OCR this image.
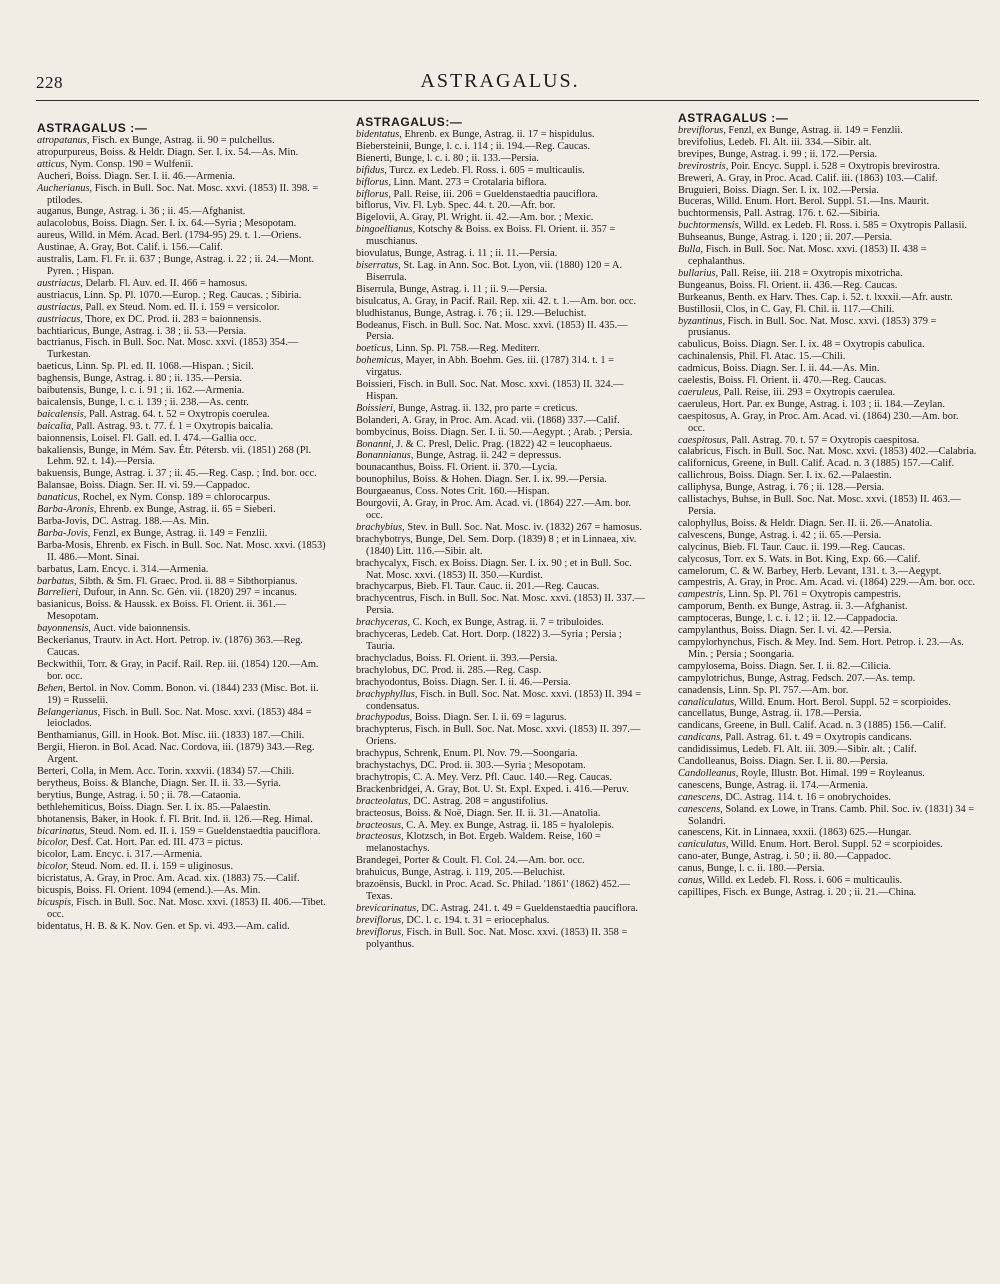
228	ASTRAGALUS.
ASTRAGALUS :—

atropatanus, Fisch. ex Bunge, Astrag. ii. 90 = pulchellus.

atropurpureus, Boiss. & Heldr. Diagn. Ser. I. ix. 54.—As. Min.

atticus, Nym. Consp. 190 = Wulfenii.

Aucheri, Boiss. Diagn. Ser. I. ii. 46.—Armenia.

Aucherianus, Fisch. in Bull. Soc. Nat. Mosc. xxvi. (1853) II. 398. = ptilodes.

auganus, Bunge, Astrag. i. 36 ; ii. 45.—Afghanist.

aulacolobus, Boiss. Diagn. Ser. I. ix. 64.—Syria ; Mesopotam.

aureus, Willd. in Mém. Acad. Berl. (1794-95) 29. t. 1.—Oriens.

Austinae, A. Gray, Bot. Calif. i. 156.—Calif.

australis, Lam. Fl. Fr. ii. 637 ; Bunge, Astrag. i. 22 ; ii. 24.—Mont. Pyren. ; Hispan.

austriacus, Delarb. Fl. Auv. ed. II. 466 = hamosus.

austriacus, Linn. Sp. Pl. 1070.—Europ. ; Reg. Caucas. ; Sibiria.

austriacus, Pall. ex Steud. Nom. ed. II. i. 159 = versicolor.

austriacus, Thore, ex DC. Prod. ii. 283 = baionnensis.

bachtiaricus, Bunge, Astrag. i. 38 ; ii. 53.—Persia.

bactrianus, Fisch. in Bull. Soc. Nat. Mosc. xxvi. (1853) 354.—Turkestan.

baeticus, Linn. Sp. Pl. ed. II. 1068.—Hispan. ; Sicil.

baghensis, Bunge, Astrag. i. 80 ; ii. 135.—Persia.

baibutensis, Bunge, l. c. i. 91 ; ii. 162.—Armenia.

baicalensis, Bunge, l. c. i. 139 ; ii. 238.—As. centr.

baicalensis, Pall. Astrag. 64. t. 52 = Oxytropis coerulea.

baicalia, Pall. Astrag. 93. t. 77. f. 1 = Oxytropis baicalia.

baionnensis, Loisel. Fl. Gall. ed. I. 474.—Gallia occ.

bakaliensis, Bunge, in Mém. Sav. Étr. Pétersb. vii. (1851) 268 (Pl. Lehm. 92. t. 14).—Persia.

bakuensis, Bunge, Astrag. i. 37 ; ii. 45.—Reg. Casp. ; Ind. bor. occ.

Balansae, Boiss. Diagn. Ser. II. vi. 59.—Cappadoc.

banaticus, Rochel, ex Nym. Consp. 189 = chlorocarpus.

Barba-Aronis, Ehrenb. ex Bunge, Astrag. ii. 65 = Sieberi.

Barba-Jovis, DC. Astrag. 188.—As. Min.

Barba-Jovis, Fenzl, ex Bunge, Astrag. ii. 149 = Fenzlii.

Barba-Mosis, Ehrenb. ex Fisch. in Bull. Soc. Nat. Mosc. xxvi. (1853) II. 486.—Mont. Sinai.

barbatus, Lam. Encyc. i. 314.—Armenia.

barbatus, Sibth. & Sm. Fl. Graec. Prod. ii. 88 = Sibthorpianus.

Barrelieri, Dufour, in Ann. Sc. Gén. vii. (1820) 297 = incanus.

basianicus, Boiss. & Haussk. ex Boiss. Fl. Orient. ii. 361.—Mesopotam.

bayonnensis, Auct. vide baionnensis.

Beckerianus, Trautv. in Act. Hort. Petrop. iv. (1876) 363.—Reg. Caucas.

Beckwithii, Torr. & Gray, in Pacif. Rail. Rep. iii. (1854) 120.—Am. bor. occ.

Behen, Bertol. in Nov. Comm. Bonon. vi. (1844) 233 (Misc. Bot. ii. 19) = Russelii.

Belangerianus, Fisch. in Bull. Soc. Nat. Mosc. xxvi. (1853) 484 = leioclados.

Benthamianus, Gill. in Hook. Bot. Misc. iii. (1833) 187.—Chili.

Bergii, Hieron. in Bol. Acad. Nac. Cordova, iii. (1879) 343.—Reg. Argent.

Berteri, Colla, in Mem. Acc. Torin. xxxvii. (1834) 57.—Chili.

berytheus, Boiss. & Blanche, Diagn. Ser. II. ii. 33.—Syria.

berytius, Bunge, Astrag. i. 50 ; ii. 78.—Cataonia.

bethlehemiticus, Boiss. Diagn. Ser. I. ix. 85.—Palaestin.

bhotanensis, Baker, in Hook. f. Fl. Brit. Ind. ii. 126.—Reg. Himal.

bicarinatus, Steud. Nom. ed. II. i. 159 = Gueldenstaedtia pauciflora.

bicolor, Desf. Cat. Hort. Par. ed. III. 473 = pictus.

bicolor, Lam. Encyc. i. 317.—Armenia.

bicolor, Steud. Nom. ed. II. i. 159 = uliginosus.

bicristatus, A. Gray, in Proc. Am. Acad. xix. (1883) 75.—Calif.

bicuspis, Boiss. Fl. Orient. 1094 (emend.).—As. Min.

bicuspis, Fisch. in Bull. Soc. Nat. Mosc. xxvi. (1853) II. 406.—Tibet. occ.

bidentatus, H. B. & K. Nov. Gen. et Sp. vi. 493.—Am. calid.

ASTRAGALUS:—

bidentatus, Ehrenb. ex Bunge, Astrag. ii. 17 = hispidulus.

Biebersteinii, Bunge, l. c. i. 114 ; ii. 194.—Reg. Caucas.

Bienerti, Bunge, l. c. i. 80 ; ii. 133.—Persia.

bifidus, Turcz. ex Ledeb. Fl. Ross. i. 605 = multicaulis.

biflorus, Linn. Mant. 273 = Crotalaria biflora.

biflorus, Pall. Reise, iii. 206 = Gueldenstaedtia pauciflora.

biflorus, Viv. Fl. Lyb. Spec. 44. t. 20.—Afr. bor.

Bigelovii, A. Gray, Pl. Wright. ii. 42.—Am. bor. ; Mexic.

bingoellianus, Kotschy & Boiss. ex Boiss. Fl. Orient. ii. 357 = muschianus.

biovulatus, Bunge, Astrag. i. 11 ; ii. 11.—Persia.

biserratus, St. Lag. in Ann. Soc. Bot. Lyon, vii. (1880) 120 = A. Biserrula.

Biserrula, Bunge, Astrag. i. 11 ; ii. 9.—Persia.

bisulcatus, A. Gray, in Pacif. Rail. Rep. xii. 42. t. 1.—Am. bor. occ.

bludhistanus, Bunge, Astrag. i. 76 ; ii. 129.—Beluchist.

Bodeanus, Fisch. in Bull. Soc. Nat. Mosc. xxvi. (1853) II. 435.—Persia.

boeticus, Linn. Sp. Pl. 758.—Reg. Mediterr.

bohemicus, Mayer, in Abh. Boehm. Ges. iii. (1787) 314. t. 1 = virgatus.

Boissieri, Fisch. in Bull. Soc. Nat. Mosc. xxvi. (1853) II. 324.—Hispan.

Boissieri, Bunge, Astrag. ii. 132, pro parte = creticus.

Bolanderi, A. Gray, in Proc. Am. Acad. vii. (1868) 337.—Calif.

bombycinus, Boiss. Diagn. Ser. I. ii. 50.—Aegypt. ; Arab. ; Persia.

Bonanni, J. & C. Presl, Delic. Prag. (1822) 42 = leucophaeus.

Bonannianus, Bunge, Astrag. ii. 242 = depressus.

bounacanthus, Boiss. Fl. Orient. ii. 370.—Lycia.

bounophilus, Boiss. & Hohen. Diagn. Ser. I. ix. 99.—Persia.

Bourgaeanus, Coss. Notes Crit. 160.—Hispan.

Bourgovii, A. Gray, in Proc. Am. Acad. vi. (1864) 227.—Am. bor. occ.

brachybius, Stev. in Bull. Soc. Nat. Mosc. iv. (1832) 267 = hamosus.

brachybotrys, Bunge, Del. Sem. Dorp. (1839) 8 ; et in Linnaea, xiv. (1840) Litt. 116.—Sibir. alt.

brachycalyx, Fisch. ex Boiss. Diagn. Ser. I. ix. 90 ; et in Bull. Soc. Nat. Mosc. xxvi. (1853) II. 350.—Kurdist.

brachycarpus, Bieb. Fl. Taur. Cauc. ii. 201.—Reg. Caucas.

brachycentrus, Fisch. in Bull. Soc. Nat. Mosc. xxvi. (1853) II. 337.—Persia.

brachyceras, C. Koch, ex Bunge, Astrag. ii. 7 = tribuloides.

brachyceras, Ledeb. Cat. Hort. Dorp. (1822) 3.—Syria ; Persia ; Tauria.

brachycladus, Boiss. Fl. Orient. ii. 393.—Persia.

brachylobus, DC. Prod. ii. 285.—Reg. Casp.

brachyodontus, Boiss. Diagn. Ser. I. ii. 46.—Persia.

brachyphyllus, Fisch. in Bull. Soc. Nat. Mosc. xxvi. (1853) II. 394 = condensatus.

brachypodus, Boiss. Diagn. Ser. I. ii. 69 = lagurus.

brachypterus, Fisch. in Bull. Soc. Nat. Mosc. xxvi. (1853) II. 397.—Oriens.

brachypus, Schrenk, Enum. Pl. Nov. 79.—Soongaria.

brachystachys, DC. Prod. ii. 303.—Syria ; Mesopotam.

brachytropis, C. A. Mey. Verz. Pfl. Cauc. 140.—Reg. Caucas.

Brackenbridgei, A. Gray, Bot. U. St. Expl. Exped. i. 416.—Peruv.

bracteolatus, DC. Astrag. 208 = angustifolius.

bracteosus, Boiss. & Noë, Diagn. Ser. II. ii. 31.—Anatolia.

bracteosus, C. A. Mey. ex Bunge, Astrag. ii. 185 = hyalolepis.

bracteosus, Klotzsch, in Bot. Ergeb. Waldem. Reise, 160 = melanostachys.

Brandegei, Porter & Coult. Fl. Col. 24.—Am. bor. occ.

brahuicus, Bunge, Astrag. i. 119, 205.—Beluchist.

brazoënsis, Buckl. in Proc. Acad. Sc. Philad. '1861' (1862) 452.—Texas.

brevicarinatus, DC. Astrag. 241. t. 49 = Gueldenstaedtia pauciflora.

breviflorus, DC. l. c. 194. t. 31 = eriocephalus.

breviflorus, Fisch. in Bull. Soc. Nat. Mosc. xxvi. (1853) II. 358 = polyanthus.

ASTRAGALUS :—

breviflorus, Fenzl, ex Bunge, Astrag. ii. 149 = Fenzlii.

brevifolius, Ledeb. Fl. Alt. iii. 334.—Sibir. alt.

brevipes, Bunge, Astrag. i. 99 ; ii. 172.—Persia.

brevirostris, Poir. Encyc. Suppl. i. 528 = Oxytropis brevirostra.

Breweri, A. Gray, in Proc. Acad. Calif. iii. (1863) 103.—Calif.

Bruguieri, Boiss. Diagn. Ser. I. ix. 102.—Persia.

Buceras, Willd. Enum. Hort. Berol. Suppl. 51.—Ins. Maurit.

buchtormensis, Pall. Astrag. 176. t. 62.—Sibiria.

buchtormensis, Willd. ex Ledeb. Fl. Ross. i. 585 = Oxytropis Pallasii.

Buhseanus, Bunge, Astrag. i. 120 ; ii. 207.—Persia.

Bulla, Fisch. in Bull. Soc. Nat. Mosc. xxvi. (1853) II. 438 = cephalanthus.

bullarius, Pall. Reise, iii. 218 = Oxytropis mixotricha.

Bungeanus, Boiss. Fl. Orient. ii. 436.—Reg. Caucas.

Burkeanus, Benth. ex Harv. Thes. Cap. i. 52. t. lxxxii.—Afr. austr.

Bustillosii, Clos, in C. Gay, Fl. Chil. ii. 117.—Chili.

byzantinus, Fisch. in Bull. Soc. Nat. Mosc. xxvi. (1853) 379 = prusianus.

cabulicus, Boiss. Diagn. Ser. I. ix. 48 = Oxytropis cabulica.

cachinalensis, Phil. Fl. Atac. 15.—Chili.

cadmicus, Boiss. Diagn. Ser. I. ii. 44.—As. Min.

caelestis, Boiss. Fl. Orient. ii. 470.—Reg. Caucas.

caeruleus, Pall. Reise, iii. 293 = Oxytropis caerulea.

caeruleus, Hort. Par. ex Bunge, Astrag. i. 103 ; ii. 184.—Zeylan.

caespitosus, A. Gray, in Proc. Am. Acad. vi. (1864) 230.—Am. bor. occ.

caespitosus, Pall. Astrag. 70. t. 57 = Oxytropis caespitosa.

calabricus, Fisch. in Bull. Soc. Nat. Mosc. xxvi. (1853) 402.—Calabria.

californicus, Greene, in Bull. Calif. Acad. n. 3 (1885) 157.—Calif.

callichrous, Boiss. Diagn. Ser. I. ix. 62.—Palaestin.

calliphysa, Bunge, Astrag. i. 76 ; ii. 128.—Persia.

callistachys, Buhse, in Bull. Soc. Nat. Mosc. xxvi. (1853) II. 463.—Persia.

calophyllus, Boiss. & Heldr. Diagn. Ser. II. ii. 26.—Anatolia.

calvescens, Bunge, Astrag. i. 42 ; ii. 65.—Persia.

calycinus, Bieb. Fl. Taur. Cauc. ii. 199.—Reg. Caucas.

calycosus, Torr. ex S. Wats. in Bot. King, Exp. 66.—Calif.

camelorum, C. & W. Barbey, Herb. Levant, 131. t. 3.—Aegypt.

campestris, A. Gray, in Proc. Am. Acad. vi. (1864) 229.—Am. bor. occ.

campestris, Linn. Sp. Pl. 761 = Oxytropis campestris.

camporum, Benth. ex Bunge, Astrag. ii. 3.—Afghanist.

camptoceras, Bunge, l. c. i. 12 ; ii. 12.—Cappadocia.

campylanthus, Boiss. Diagn. Ser. I. vi. 42.—Persia.

campylorhynchus, Fisch. & Mey. Ind. Sem. Hort. Petrop. i. 23.—As. Min. ; Persia ; Soongaria.

campylosema, Boiss. Diagn. Ser. I. ii. 82.—Cilicia.

campylotrichus, Bunge, Astrag. Fedsch. 207.—As. temp.

canadensis, Linn. Sp. Pl. 757.—Am. bor.

canaliculatus, Willd. Enum. Hort. Berol. Suppl. 52 = scorpioides.

cancellatus, Bunge, Astrag. ii. 178.—Persia.

candicans, Greene, in Bull. Calif. Acad. n. 3 (1885) 156.—Calif.

candicans, Pall. Astrag. 61. t. 49 = Oxytropis candicans.

candidissimus, Ledeb. Fl. Alt. iii. 309.—Sibir. alt. ; Calif.

Candolleanus, Boiss. Diagn. Ser. I. ii. 80.—Persia.

Candolleanus, Royle, Illustr. Bot. Himal. 199 = Royleanus.

canescens, Bunge, Astrag. ii. 174.—Armenia.

canescens, DC. Astrag. 114. t. 16 = onobrychoides.

canescens, Soland. ex Lowe, in Trans. Camb. Phil. Soc. iv. (1831) 34 = Solandri.

canescens, Kit. in Linnaea, xxxii. (1863) 625.—Hungar.

caniculatus, Willd. Enum. Hort. Berol. Suppl. 52 = scorpioides.

cano-ater, Bunge, Astrag. i. 50 ; ii. 80.—Cappadoc.

canus, Bunge, l. c. ii. 180.—Persia.

canus, Willd. ex Ledeb. Fl. Ross. i. 606 = multicaulis.

capillipes, Fisch. ex Bunge, Astrag. i. 20 ; ii. 21.—China.
